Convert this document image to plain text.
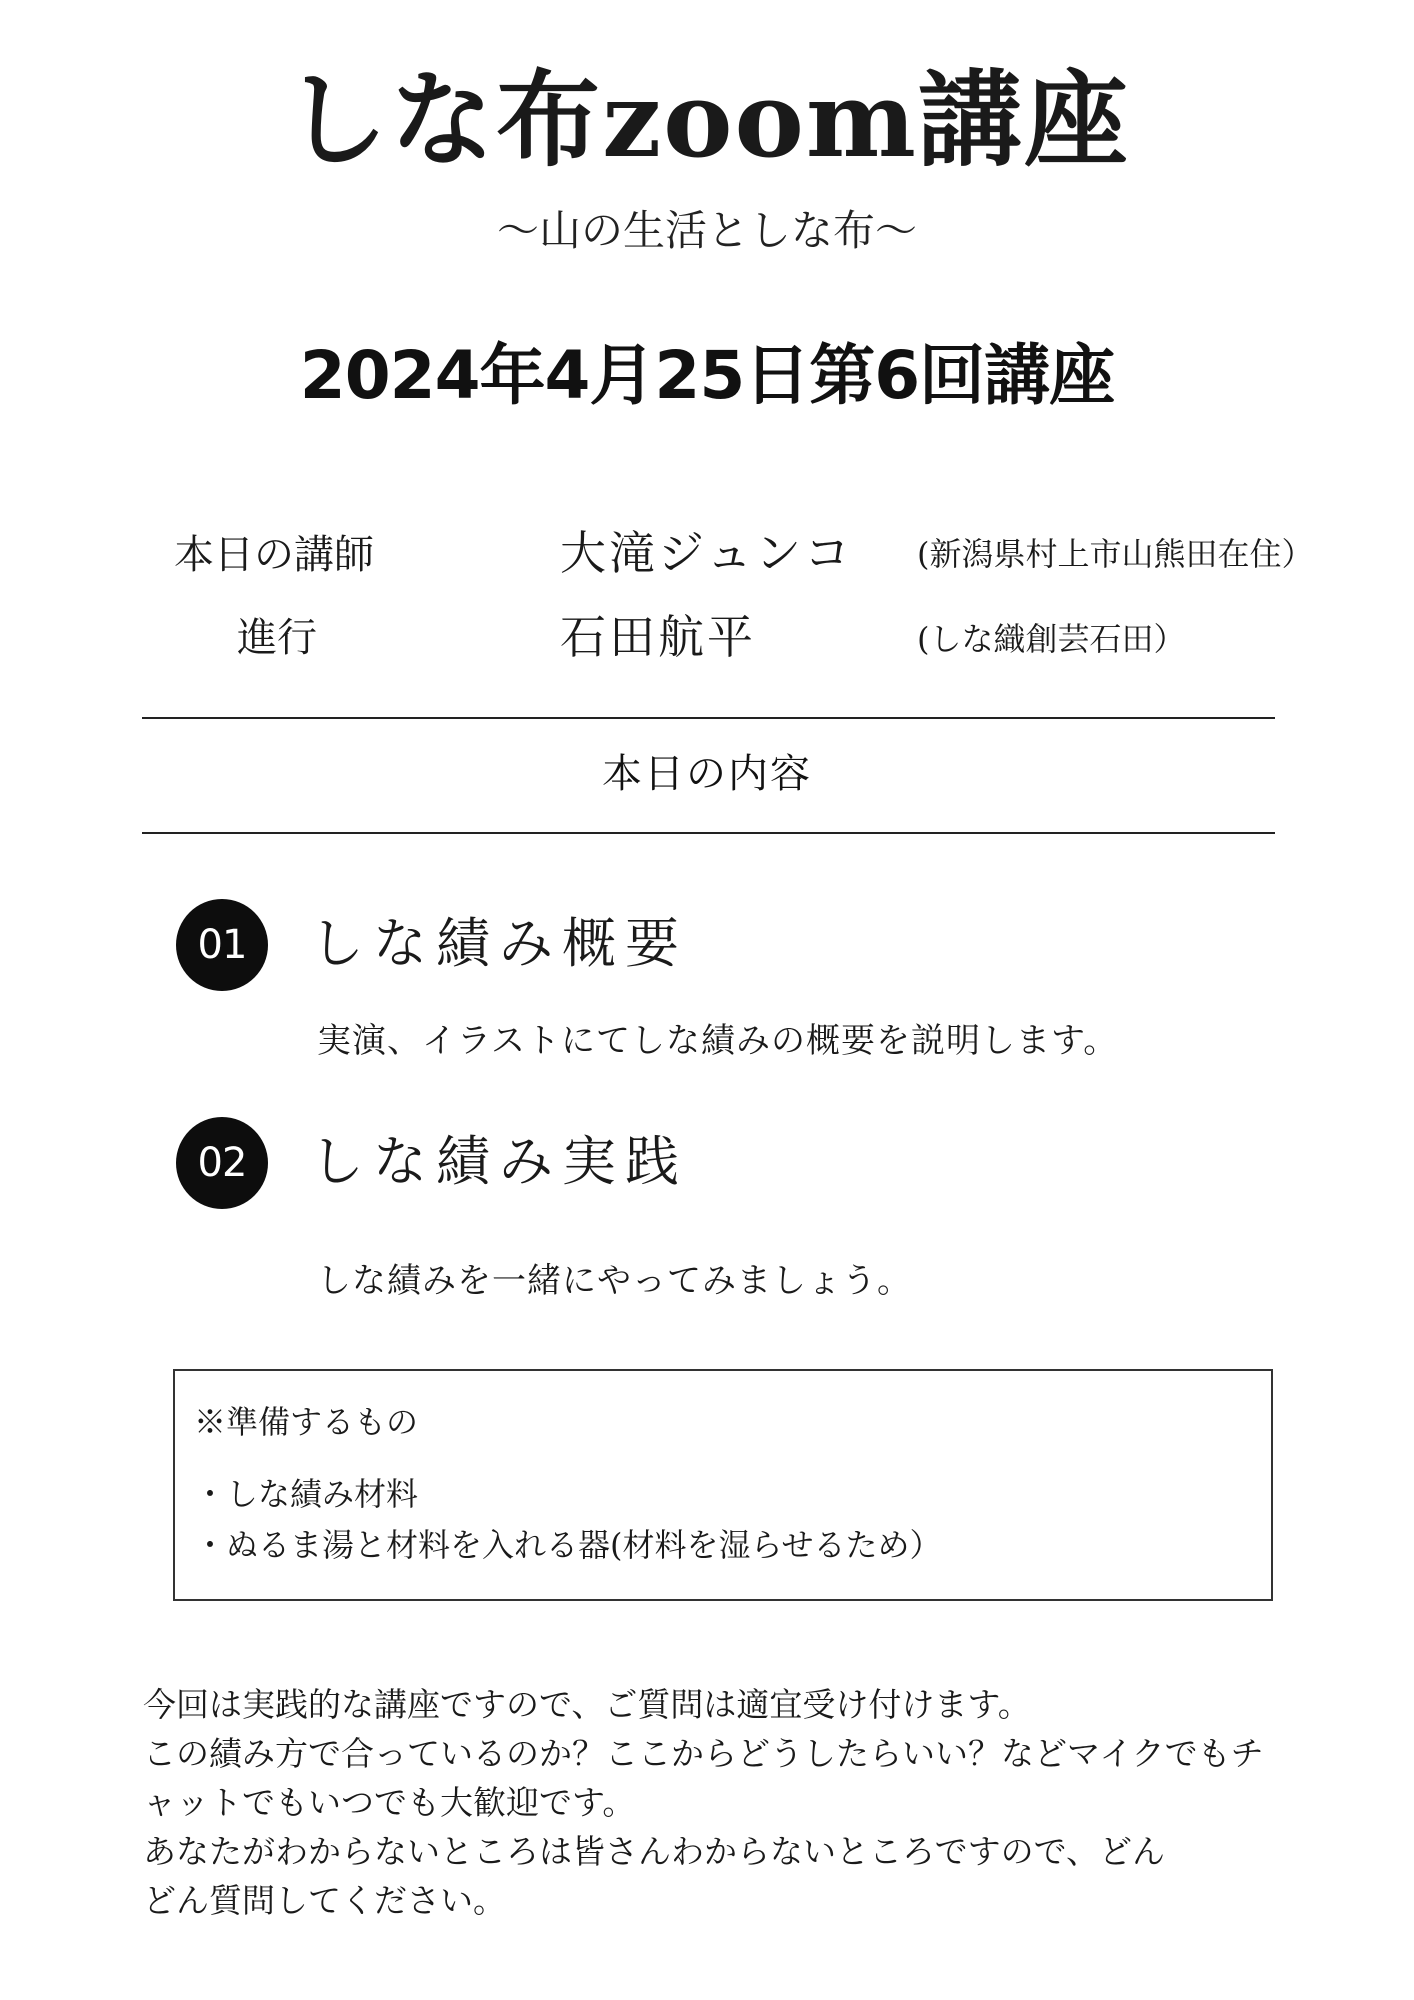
しな布zoom講座
〜山の生活としな布〜
2024年4月25日第6回講座
本日の講師	大滝ジュンコ (新潟県村上市山熊田在住）
進行	石田航平	(しな織創芸石田）
本日の内容
01	しな績み概要
実演、イラストにてしな績みの概要を説明します。
02	しな績み実践
しな績みを一緒にやってみましょう。
※準備するもの
・しな績み材料
・ぬるま湯と材料を入れる器(材料を湿らせるため）
今回は実践的な講座ですので、ご質問は適宜受け付けます。
この績み方で合っているのか？ここからどうしたらいい？などマイクでもチ
ャットでもいつでも大歓迎です。
あなたがわからないところは皆さんわからないところですので、どん
どん質問してください。
